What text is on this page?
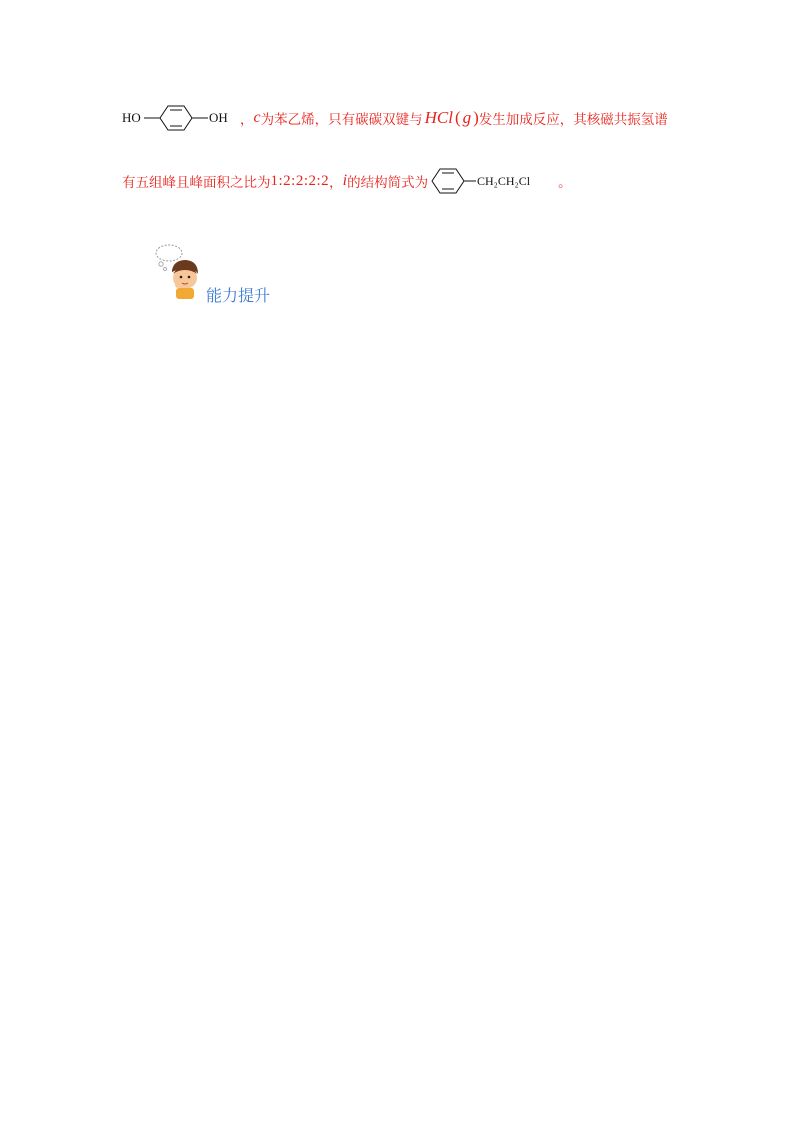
HO	OH ， c 为苯乙烯，只有碳碳双键与 HCl ( g ) 发生加成反应，其核磁共振氢谱
有五组峰且峰面积之比为 1:2:2:2:2 ， i 的结构简式为	CH₂CH₂Cl 。
能力提升
